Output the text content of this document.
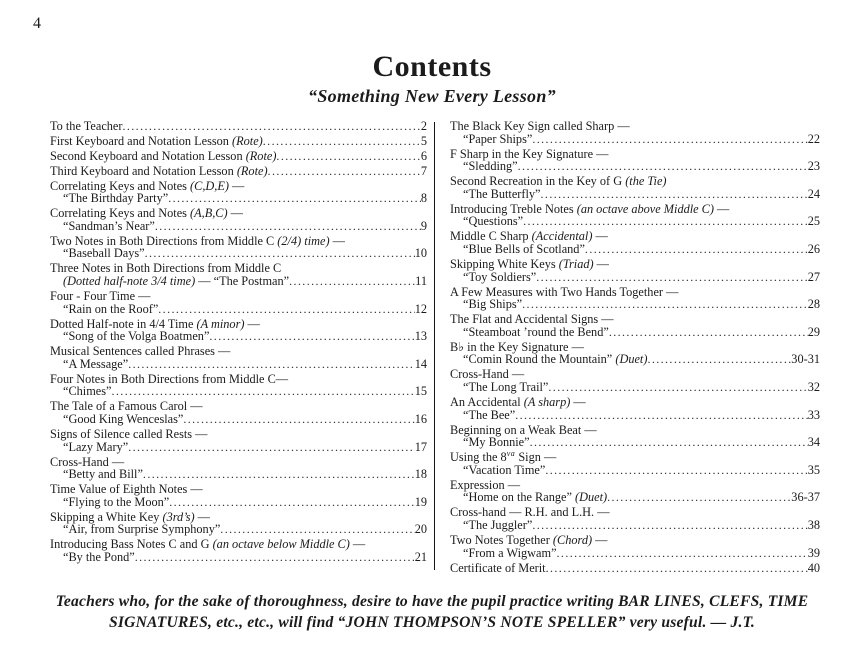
4
Contents
“Something New Every Lesson”
To the Teacher .....	2
First Keyboard and Notation Lesson (Rote) .....	5
Second Keyboard and Notation Lesson (Rote) .....	6
Third Keyboard and Notation Lesson (Rote) .....	7
Correlating Keys and Notes (C,D,E) —
“The Birthday Party” .....	8
Correlating Keys and Notes (A,B,C) —
“Sandman’s Near” .....	9
Two Notes in Both Directions from Middle C (2/4) time) —
“Baseball Days” .....	10
Three Notes in Both Directions from Middle C
(Dotted half-note 3/4 time) — “The Postman” .....	11
Four - Four Time —
“Rain on the Roof” .....	12
Dotted Half-note in 4/4 Time (A minor) —
“Song of the Volga Boatmen” .....	13
Musical Sentences called Phrases —
“A Message” .....	14
Four Notes in Both Directions from Middle C—
“Chimes” .....	15
The Tale of a Famous Carol —
“Good King Wenceslas” .....	16
Signs of Silence called Rests —
“Lazy Mary” .....	17
Cross-Hand —
“Betty and Bill” .....	18
Time Value of Eighth Notes —
“Flying to the Moon” .....	19
Skipping a White Key (3rd’s) —
“Air, from Surprise Symphony” .....	20
Introducing Bass Notes C and G (an octave below Middle C) —
“By the Pond” .....	21
The Black Key Sign called Sharp —
“Paper Ships” .....	22
F Sharp in the Key Signature —
“Sledding” .....	23
Second Recreation in the Key of G (the Tie)
“The Butterfly” .....	24
Introducing Treble Notes (an octave above Middle C) —
“Questions” .....	25
Middle C Sharp (Accidental) —
“Blue Bells of Scotland” .....	26
Skipping White Keys (Triad) —
“Toy Soldiers” .....	27
A Few Measures with Two Hands Together —
“Big Ships” .....	28
The Flat and Accidental Signs —
“Steamboat ’round the Bend” .....	29
B♭ in the Key Signature —
“Comin Round the Mountain” (Duet) .....	30-31
Cross-Hand —
“The Long Trail” .....	32
An Accidental (A sharp) —
“The Bee” .....	33
Beginning on a Weak Beat —
“My Bonnie” .....	34
Using the $8^{va}$ Sign —
“Vacation Time” .....	35
Expression —
“Home on the Range” (Duet) .....	36-37
Cross-hand — R.H. and L.H. —
“The Juggler” .....	38
Two Notes Together (Chord) —
“From a Wigwam” .....	39
Certificate of Merit .....	40
Teachers who, for the sake of thoroughness, desire to have the pupil practice writing BAR LINES, CLEFS, TIME
SIGNATURES, etc., etc., will find “JOHN THOMPSON’S NOTE SPELLER” very useful. — J.T.
